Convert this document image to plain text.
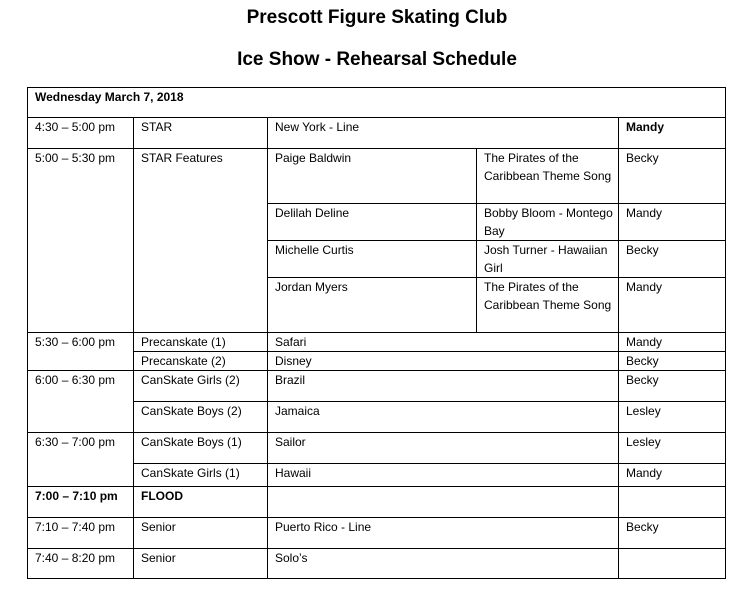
Prescott Figure Skating Club
Ice Show - Rehearsal Schedule
Wednesday March 7, 2018				
4:30 – 5:00 pm	STAR	New York - Line		Mandy
5:00 – 5:30 pm	STAR Features	Paige Baldwin	The Pirates of the Caribbean Theme Song	Becky
		Delilah Deline	Bobby Bloom - Montego Bay	Mandy
		Michelle Curtis	Josh Turner - Hawaiian Girl	Becky
		Jordan Myers	The Pirates of the Caribbean Theme Song	Mandy
5:30 – 6:00 pm	Precanskate (1)	Safari		Mandy
	Precanskate (2)	Disney		Becky
6:00 – 6:30 pm	CanSkate Girls (2)	Brazil		Becky
	CanSkate Boys (2)	Jamaica		Lesley
6:30 – 7:00 pm	CanSkate Boys (1)	Sailor		Lesley
	CanSkate Girls (1)	Hawaii		Mandy
7:00 – 7:10 pm	FLOOD			
7:10 – 7:40 pm	Senior	Puerto Rico - Line		Becky
7:40 – 8:20 pm	Senior	Solo’s		
